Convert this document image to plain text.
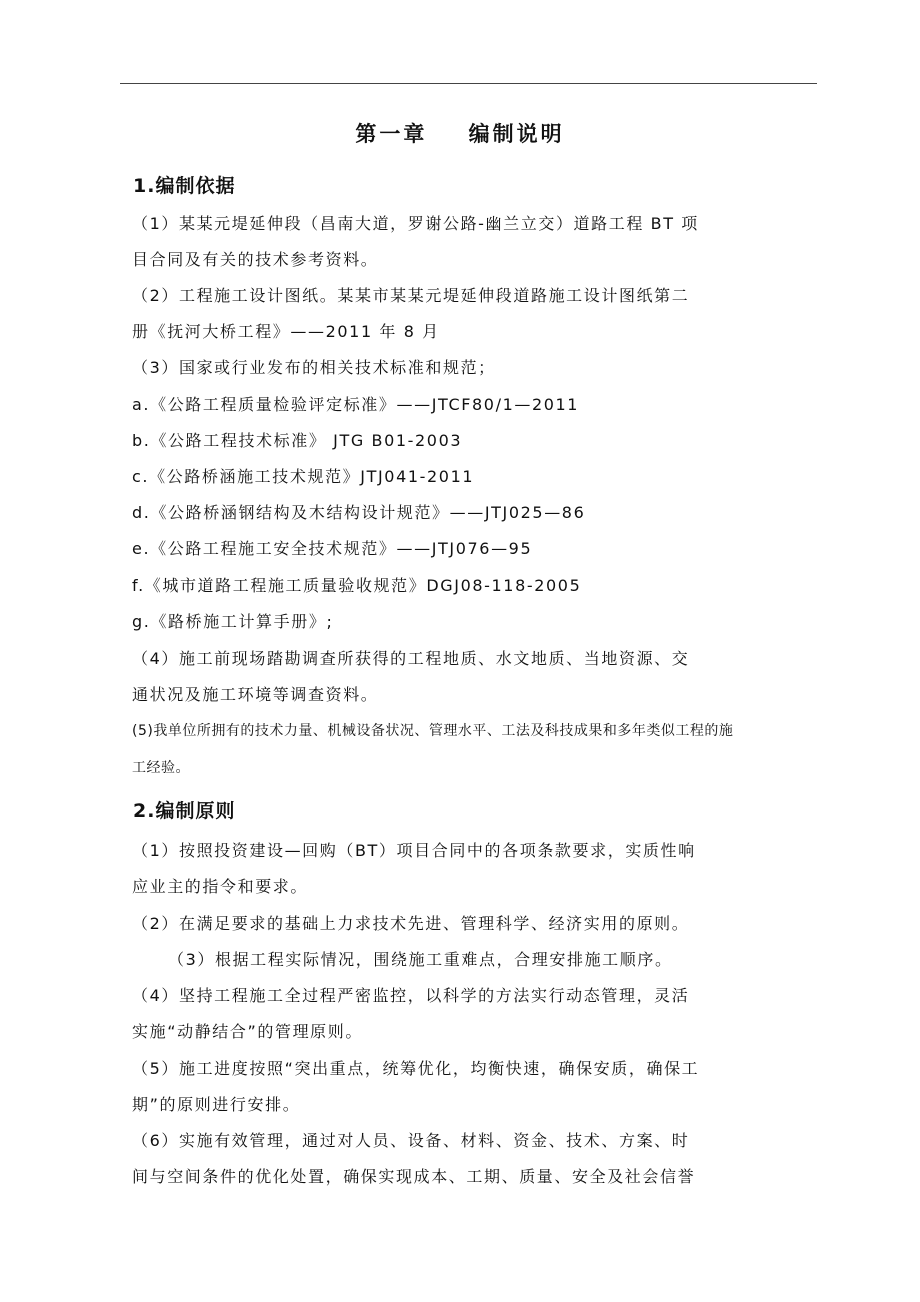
第一章    编制说明
1.编制依据
（1）某某元堤延伸段（昌南大道，罗谢公路-幽兰立交）道路工程 BT 项
目合同及有关的技术参考资料。
（2）工程施工设计图纸。某某市某某元堤延伸段道路施工设计图纸第二
册《抚河大桥工程》——2011 年 8 月
（3）国家或行业发布的相关技术标准和规范；
a.《公路工程质量检验评定标准》——JTCF80/1—2011
b.《公路工程技术标准》 JTG B01-2003
c.《公路桥涵施工技术规范》JTJ041-2011
d.《公路桥涵钢结构及木结构设计规范》——JTJ025—86
e.《公路工程施工安全技术规范》——JTJ076—95
f.《城市道路工程施工质量验收规范》DGJ08-118-2005
g.《路桥施工计算手册》;
（4）施工前现场踏勘调查所获得的工程地质、水文地质、当地资源、交
通状况及施工环境等调查资料。
(5)我单位所拥有的技术力量、机械设备状况、管理水平、工法及科技成果和多年类似工程的施
工经验。
2.编制原则
（1）按照投资建设—回购（BT）项目合同中的各项条款要求，实质性响
应业主的指令和要求。
（2）在满足要求的基础上力求技术先进、管理科学、经济实用的原则。
（3）根据工程实际情况，围绕施工重难点，合理安排施工顺序。
（4）坚持工程施工全过程严密监控，以科学的方法实行动态管理，灵活
实施“动静结合”的管理原则。
（5）施工进度按照“突出重点，统筹优化，均衡快速，确保安质，确保工
期”的原则进行安排。
（6）实施有效管理，通过对人员、设备、材料、资金、技术、方案、时
间与空间条件的优化处置，确保实现成本、工期、质量、安全及社会信誉
